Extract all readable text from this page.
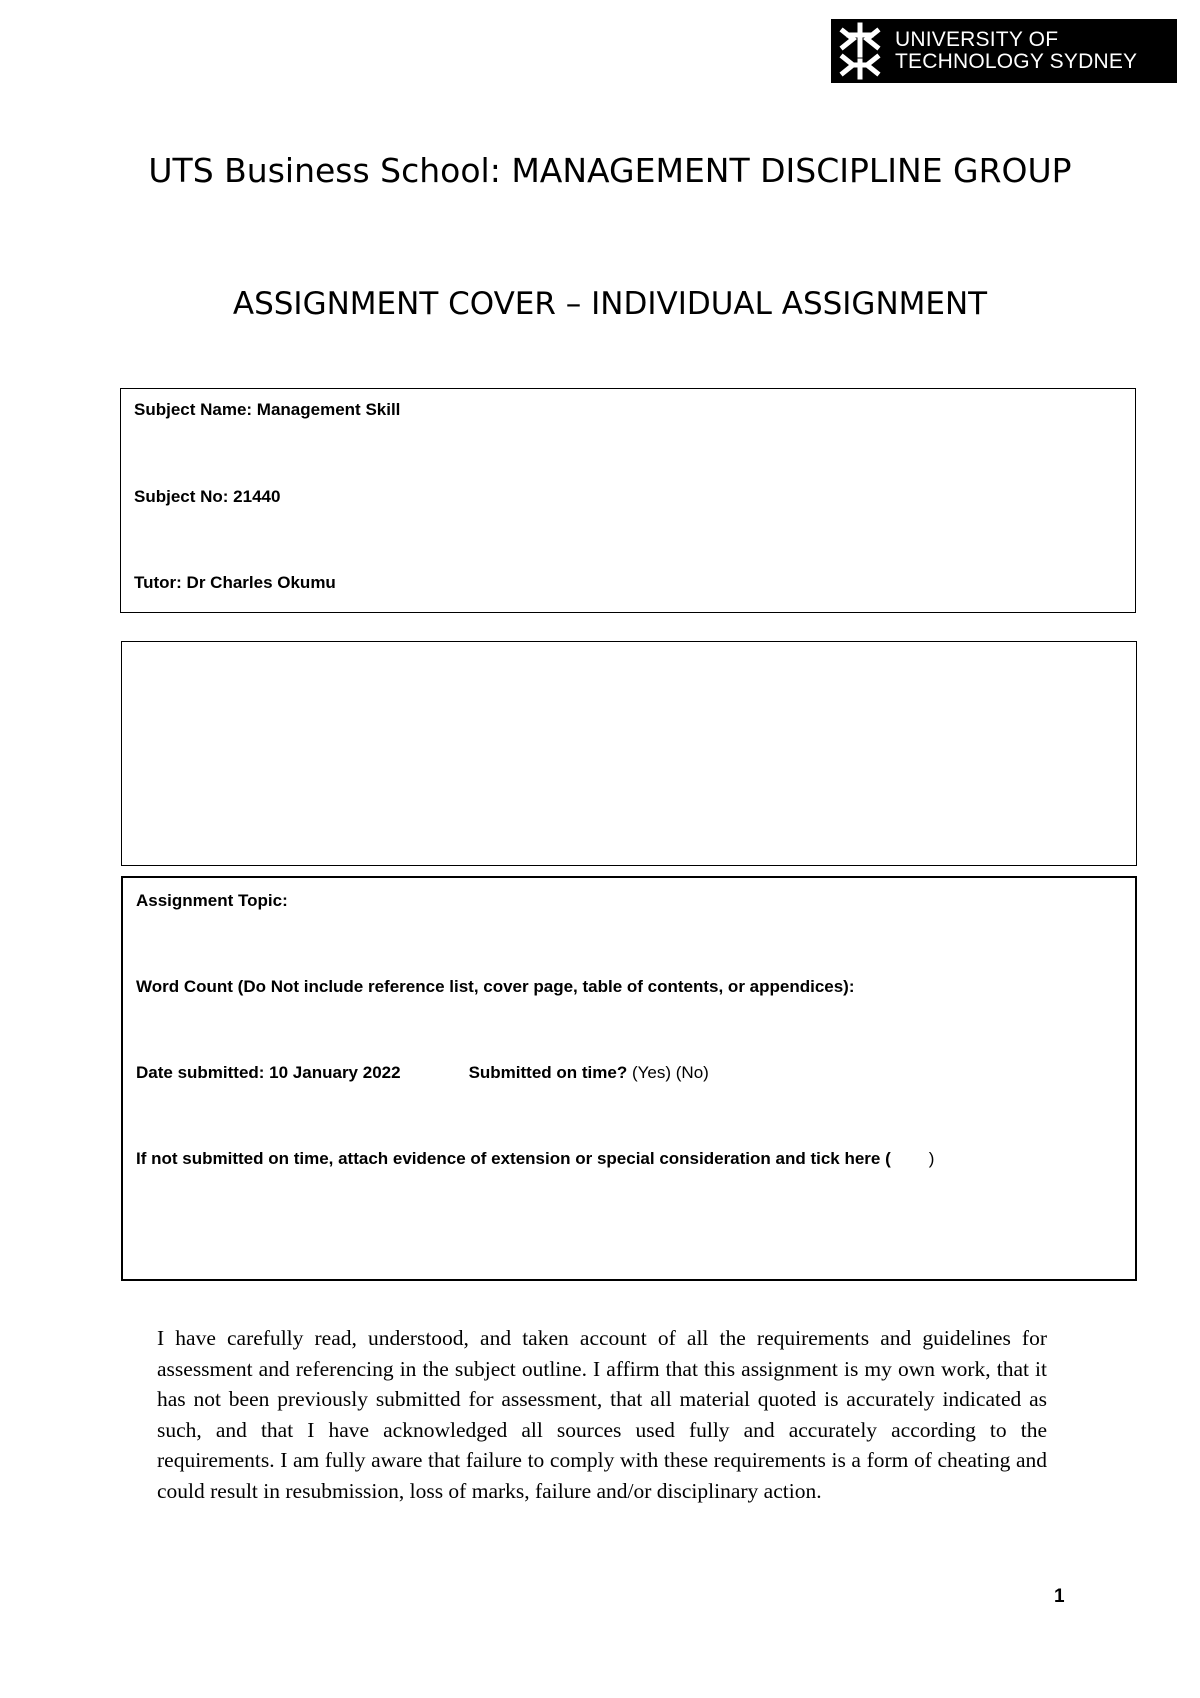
UNIVERSITY OF
TECHNOLOGY SYDNEY
UTS Business School: MANAGEMENT DISCIPLINE GROUP
ASSIGNMENT COVER – INDIVIDUAL ASSIGNMENT
Subject Name: Management Skill
Subject No: 21440
Tutor: Dr Charles Okumu
Assignment Topic:
Word Count (Do Not include reference list, cover page, table of contents, or appendices):
Date submitted: 10 January 2022	Submitted on time? (Yes) (No)
If not submitted on time, attach evidence of extension or special consideration and tick here ( )

I have carefully read, understood, and taken account of all the requirements and guidelines for assessment and referencing in the subject outline. I affirm that this assignment is my own work, that it has not been previously submitted for assessment, that all material quoted is accurately indicated as such, and that I have acknowledged all sources used fully and accurately according to the requirements. I am fully aware that failure to comply with these requirements is a form of cheating and could result in resubmission, loss of marks, failure and/or disciplinary action.

1
